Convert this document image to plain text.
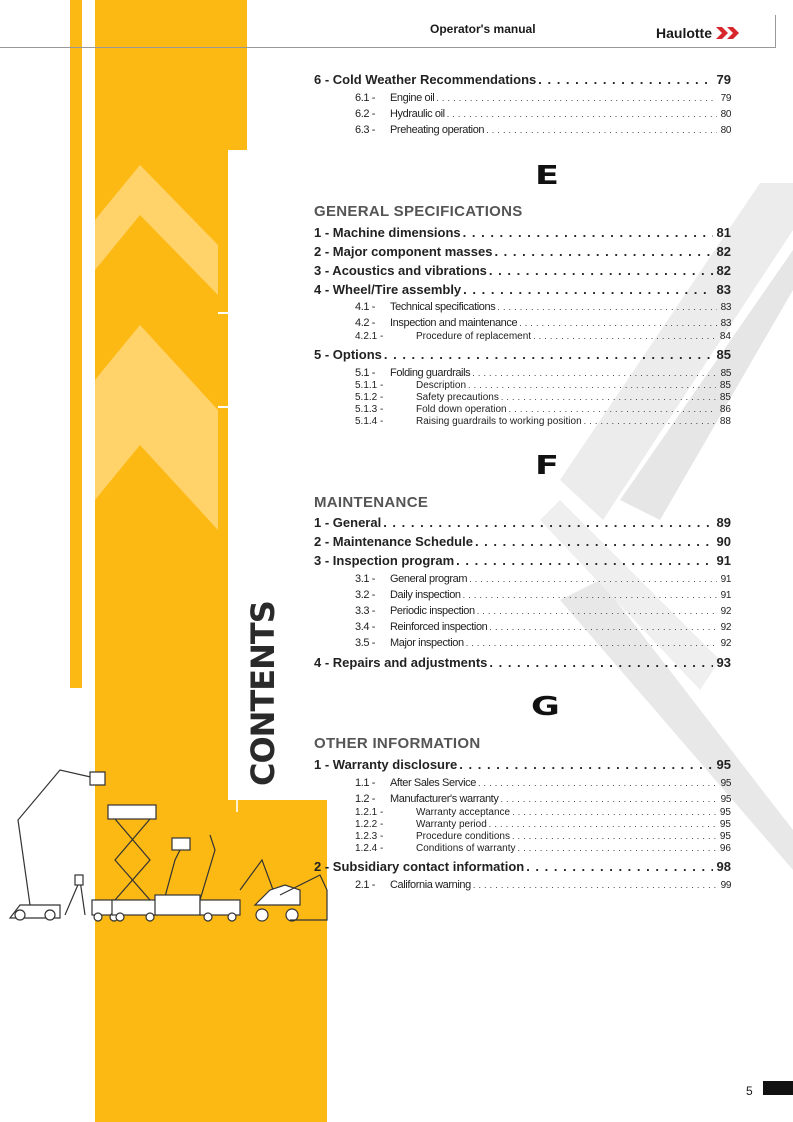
Operator's manual	Haulotte
CONTENTS
6 - Cold Weather Recommendations . . .	79
6.1 -	Engine oil . . .	79
6.2 -	Hydraulic oil . . .	80
6.3 -	Preheating operation . . .	80
E
GENERAL SPECIFICATIONS
1 - Machine dimensions . . .	81
2 - Major component masses . . .	82
3 - Acoustics and vibrations . . .	82
4 - Wheel/Tire assembly . . .	83
4.1 -	Technical specifications . . .	83
4.2 -	Inspection and maintenance . . .	83
4.2.1 -	Procedure of replacement . . .	84
5 - Options . . .	85
5.1 -	Folding guardrails . . .	85
5.1.1 -	Description . . .	85
5.1.2 -	Safety precautions . . .	85
5.1.3 -	Fold down operation . . .	86
5.1.4 -	Raising guardrails to working position . . .	88
F
MAINTENANCE
1 - General . . .	89
2 - Maintenance Schedule . . .	90
3 - Inspection program . . .	91
3.1 -	General program . . .	91
3.2 -	Daily inspection . . .	91
3.3 -	Periodic inspection . . .	92
3.4 -	Reinforced inspection . . .	92
3.5 -	Major inspection . . .	92
4 - Repairs and adjustments . . .	93
G
OTHER INFORMATION
1 - Warranty disclosure . . .	95
1.1 -	After Sales Service . . .	95
1.2 -	Manufacturer's warranty . . .	95
1.2.1 -	Warranty acceptance . . .	95
1.2.2 -	Warranty period . . .	95
1.2.3 -	Procedure conditions . . .	95
1.2.4 -	Conditions of warranty . . .	96
2 - Subsidiary contact information . . .	98
2.1 -	California warning . . .	99
5
